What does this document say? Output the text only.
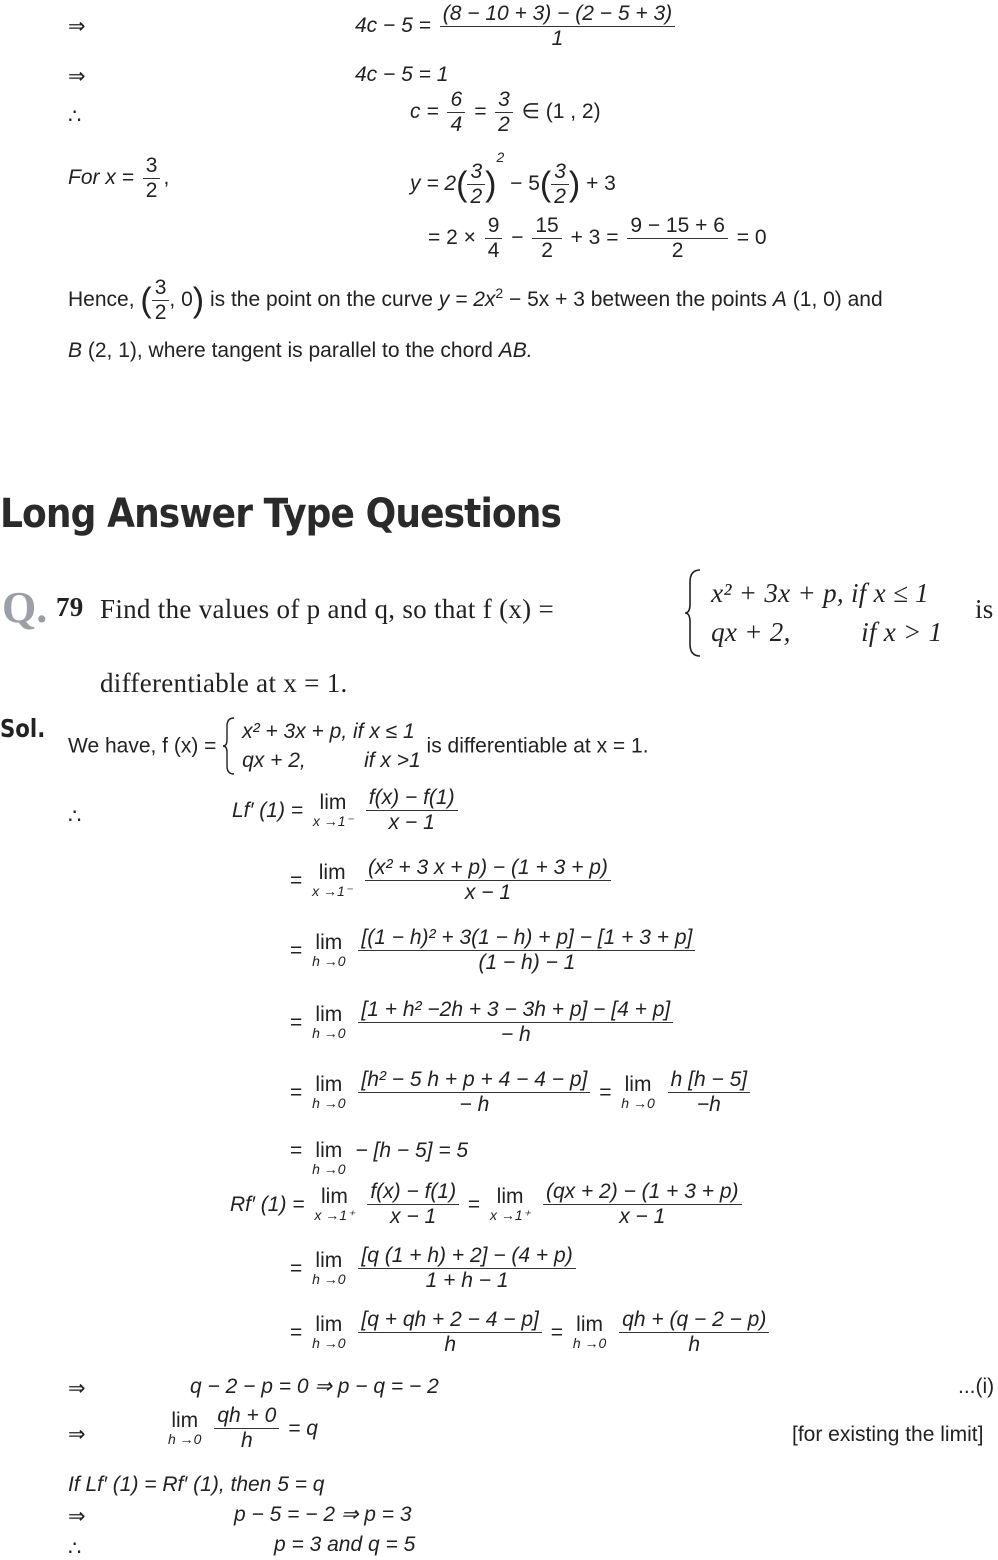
⇒	$4c - 5 = \frac{(8 - 10 + 3) - (2 - 5 + 3)}{1}$
⇒	4c − 5 = 1
∴	$c = \frac{6}{4} = \frac{3}{2}$ ∈ (1 , 2)
For $x = \frac{3}{2}$ ,	$y = 2( \frac{3}{2} )^2 - 5( \frac{3}{2}$ ) + 3
= $2 \times \frac{9}{4} - \frac{15}{2} + 3 = \frac{9 - 15 + 6}{2} = 0$
Hence, ( $\frac{3}{2}$ , 0) is the point on the curve $y = 2x^2 - 5x + 3$ between the points A (1, 0) and
B (2, 1), where tangent is parallel to the chord AB.
Long Answer Type Questions
Q. 79 Find the values of p and q, so that f (x) =

x² + 3x + p, if x ≤ 1
qx + 2,          if x > 1
is
differentiable at x = 1.
Sol.
We have, f (x) =
x² + 3x + p, if x ≤ 1
qx + 2,          if x >1
is differentiable at x = 1.
∴	Lf′ (1) = lim
x →1⁻
$\frac{f(x) - f(1)}{x - 1}$
= lim
x →1⁻
$\frac{\text{(x² + 3 x + p) − (1 + 3 + p)}}{x - 1}$
= lim
h →0
$\frac{\text{[(1 − h)² + 3(1 − h) + p] − [1 + 3 + p]}}{(1 - h) - 1}$
= lim
h →0
$\frac{\text{[1 + h² −2h + 3 − 3h + p] − [4 + p]}}{- h}$
= lim
h →0
$\frac{\text{[h² − 5 h + p + 4 − 4 − p]}}{- h} = \lim$
h →0
$\frac{h [h - 5]}{-h}$
= lim
h →0
− [h − 5] = 5
Rf′ (1) = lim
x →1⁺
$\frac{f(x) - f(1)}{x - 1} = \lim$
x →1⁺
$\frac{(qx + 2) - (1 + 3 + p)}{x - 1}$
= lim
h →0
$\frac{[q (1 + h) + 2] - (4 + p)}{1 + h - 1}$
= lim
h →0
$\frac{[q + qh + 2 - 4 - p]}{h} = \lim$
h →0
$\frac{qh + (q - 2 - p)}{h}$
⇒	q − 2 − p = 0 ⇒ p − q = − 2	...(i)
⇒
lim
h →0
$\frac{qh + 0}{h} = q$	[for existing the limit]
If Lf′ (1) = Rf′ (1), then 5 = q
⇒	p − 5 = − 2 ⇒ p = 3
∴	p = 3 and q = 5
